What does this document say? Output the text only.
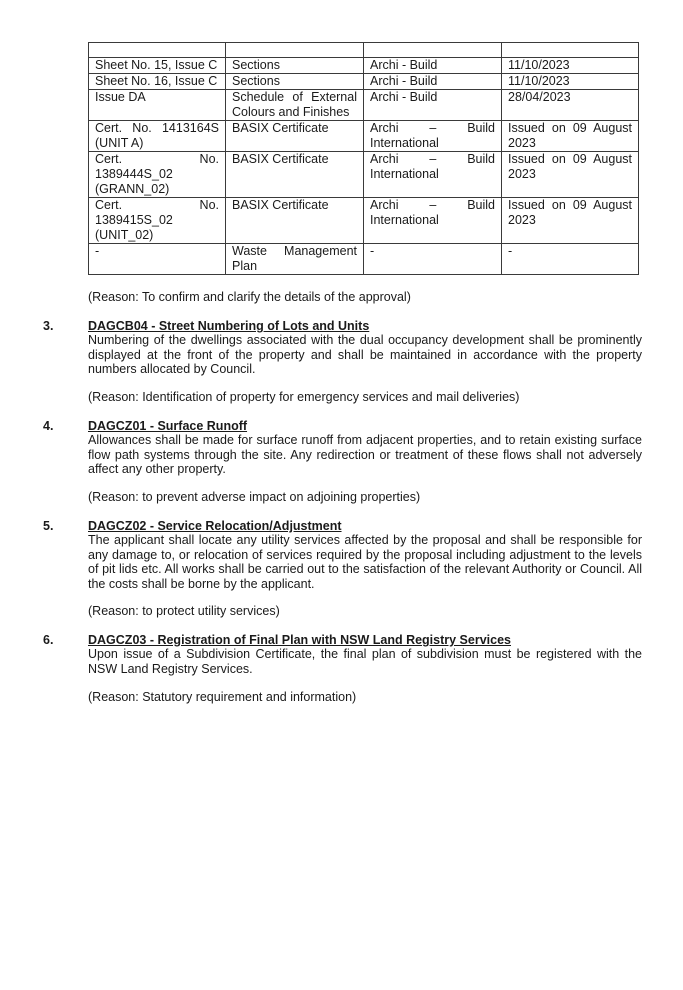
Sheet No. 15, Issue C	Sections	Archi - Build	11/10/2023
Sheet No. 16, Issue C	Sections	Archi - Build	11/10/2023
Issue DA	Schedule of External Colours and Finishes	Archi - Build	28/04/2023
Cert. No. 1413164S (UNIT A)	BASIX Certificate	Archi – Build International	Issued on 09 August 2023
Cert. No. 1389444S_02 (GRANN_02)	BASIX Certificate	Archi – Build International	Issued on 09 August 2023
Cert. No. 1389415S_02 (UNIT_02)	BASIX Certificate	Archi – Build International	Issued on 09 August 2023
-	Waste Management Plan	-	-
(Reason: To confirm and clarify the details of the approval)
3.	DAGCB04 - Street Numbering of Lots and Units
Numbering of the dwellings associated with the dual occupancy development shall be prominently displayed at the front of the property and shall be maintained in accordance with the property numbers allocated by Council.
(Reason: Identification of property for emergency services and mail deliveries)
4.	DAGCZ01 - Surface Runoff
Allowances shall be made for surface runoff from adjacent properties, and to retain existing surface flow path systems through the site. Any redirection or treatment of these flows shall not adversely affect any other property.
(Reason: to prevent adverse impact on adjoining properties)
5.	DAGCZ02 - Service Relocation/Adjustment
The applicant shall locate any utility services affected by the proposal and shall be responsible for any damage to, or relocation of services required by the proposal including adjustment to the levels of pit lids etc. All works shall be carried out to the satisfaction of the relevant Authority or Council. All the costs shall be borne by the applicant.
(Reason: to protect utility services)
6.	DAGCZ03 - Registration of Final Plan with NSW Land Registry Services
Upon issue of a Subdivision Certificate, the final plan of subdivision must be registered with the NSW Land Registry Services.
(Reason: Statutory requirement and information)
